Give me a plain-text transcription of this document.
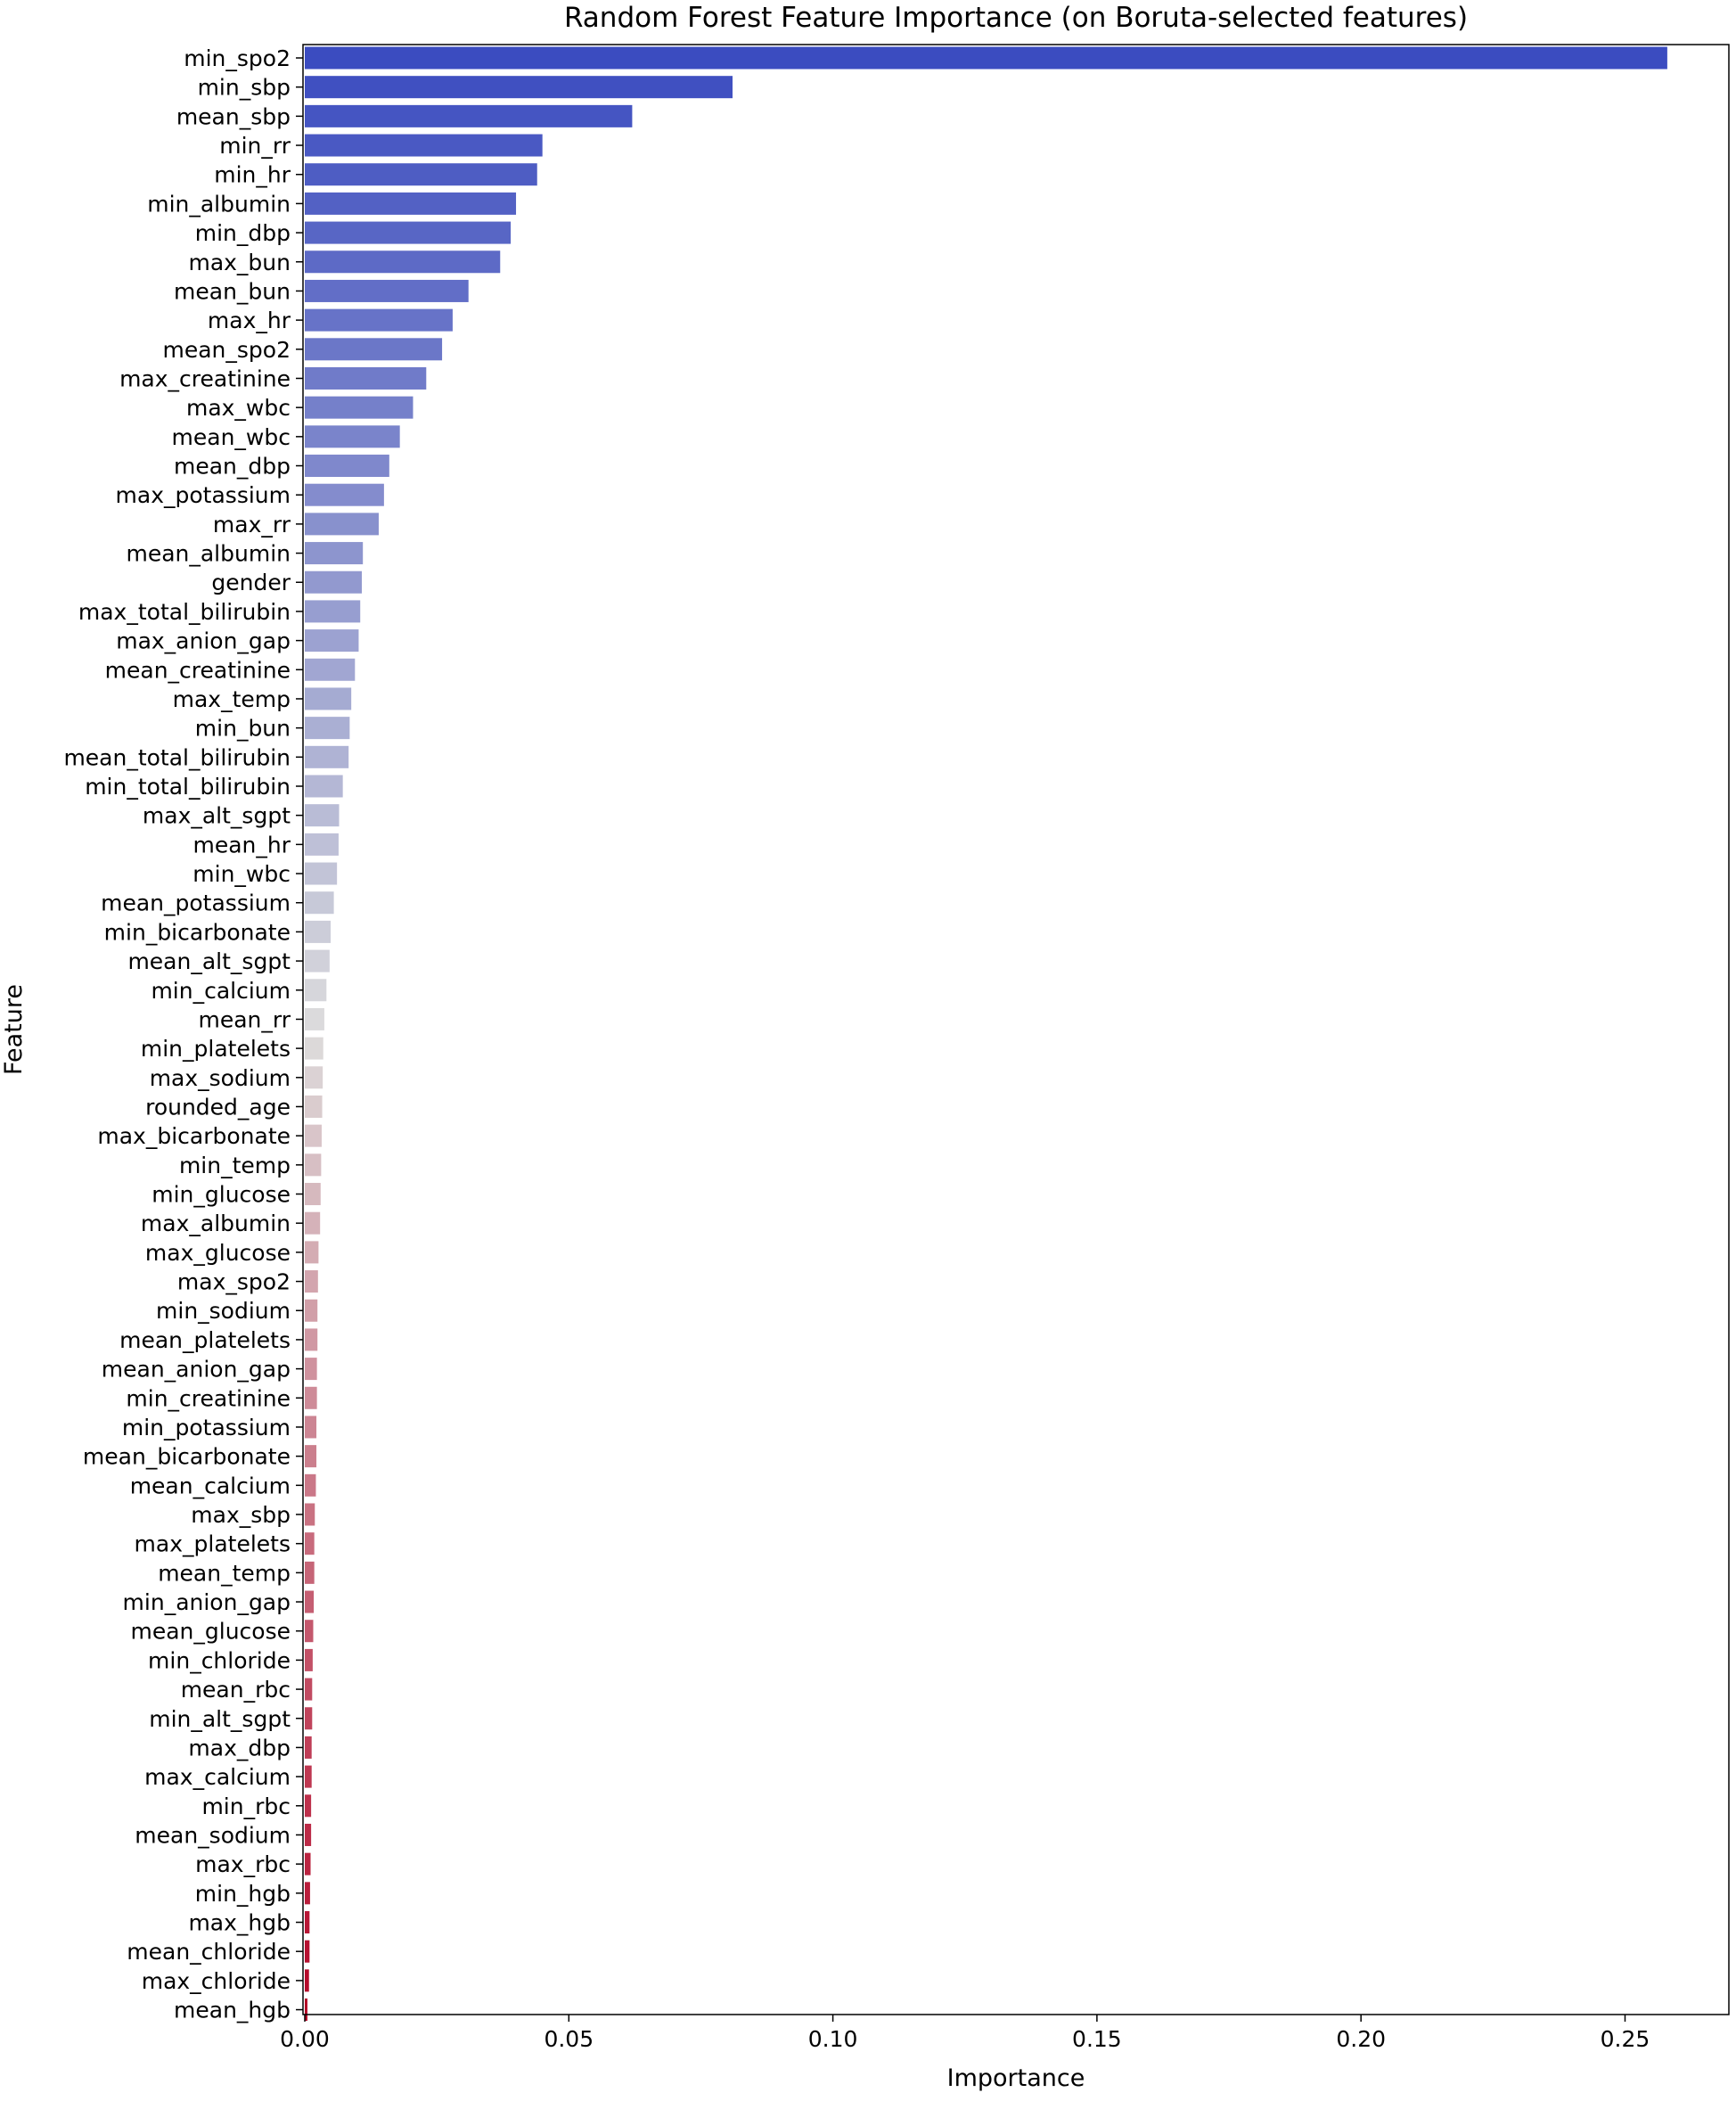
Random Forest Feature Importance (on Boruta-selected features)
min_spo2
min_sbp
mean_sbp
min_rr
min_hr
min_albumin
min_dbp
max_bun
mean_bun
max_hr
mean_spo2
max_creatinine
max_wbc
mean_wbc
mean_dbp
max_potassium
max_rr
mean_albumin
gender
max_total_bilirubin
max_anion_gap
mean_creatinine
max_temp
min_bun
mean_total_bilirubin
min_total_bilirubin
max_alt_sgpt
mean_hr
min_wbc
mean_potassium
min_bicarbonate
mean_alt_sgpt
min_calcium
mean_rr
min_platelets
max_sodium
rounded_age
max_bicarbonate
min_temp
min_glucose
max_albumin
max_glucose
max_spo2
min_sodium
mean_platelets
mean_anion_gap
min_creatinine
min_potassium
mean_bicarbonate
mean_calcium
max_sbp
max_platelets
mean_temp
min_anion_gap
mean_glucose
min_chloride
mean_rbc
min_alt_sgpt
max_dbp
max_calcium
min_rbc
mean_sodium
max_rbc
min_hgb
max_hgb
mean_chloride
max_chloride
mean_hgb
0.00	0.05	0.10	0.15	0.20	0.25
Importance
Feature
